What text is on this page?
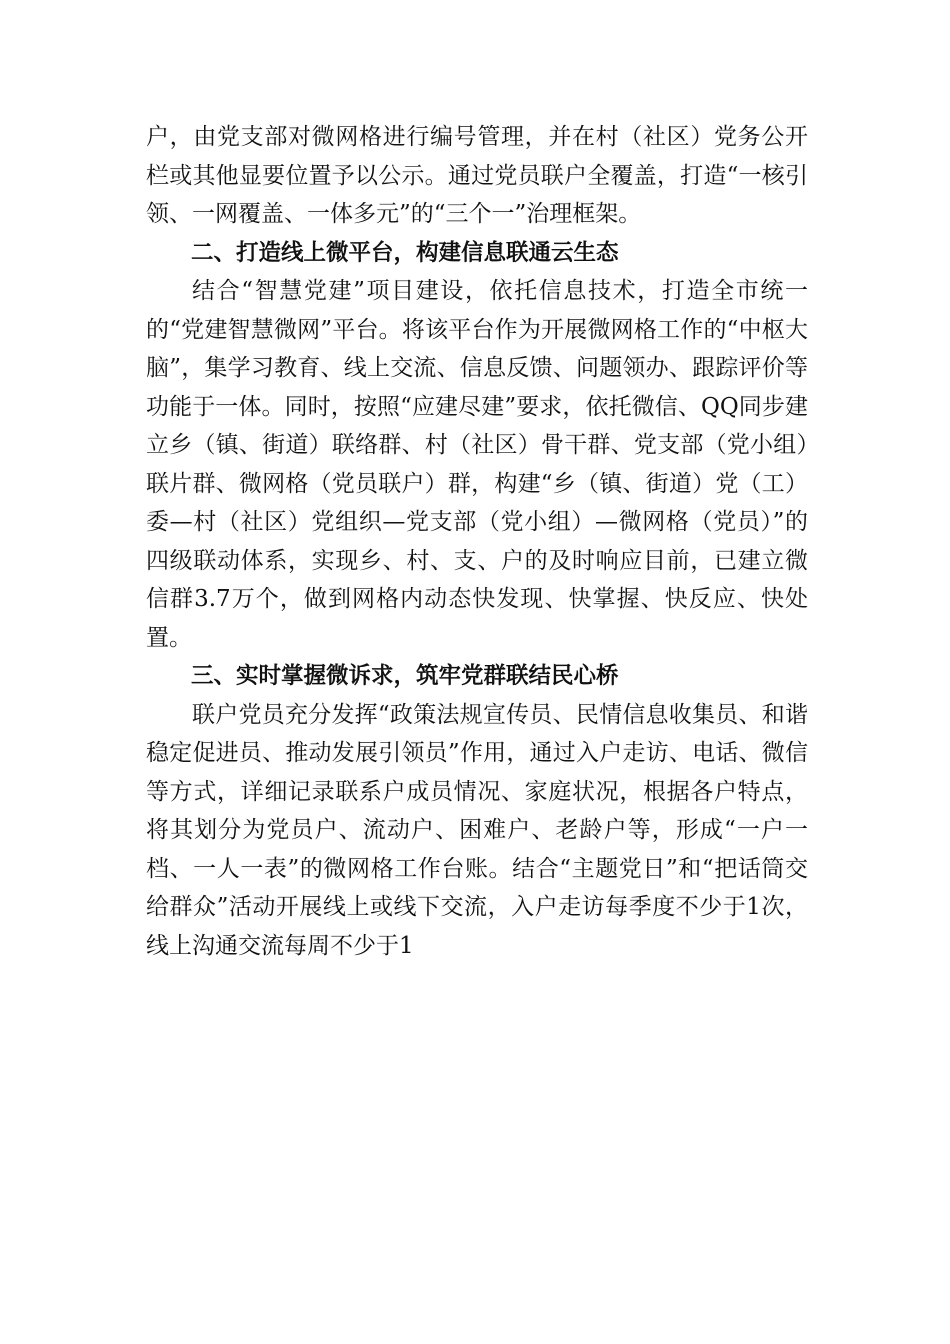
户，由党支部对微网格进行编号管理，并在村（社区）党务公开栏或其他显要位置予以公示。通过党员联户全覆盖，打造“一核引领、一网覆盖、一体多元”的“三个一”治理框架。

二、打造线上微平台，构建信息联通云生态

结合“智慧党建”项目建设，依托信息技术，打造全市统一的“党建智慧微网”平台。将该平台作为开展微网格工作的“中枢大脑”，集学习教育、线上交流、信息反馈、问题领办、跟踪评价等功能于一体。同时，按照“应建尽建”要求，依托微信、QQ同步建立乡（镇、街道）联络群、村（社区）骨干群、党支部（党小组）联片群、微网格（党员联户）群，构建“乡（镇、街道）党（工）委—村（社区）党组织—党支部（党小组）—微网格（党员）”的四级联动体系，实现乡、村、支、户的及时响应目前，已建立微信群3.7万个，做到网格内动态快发现、快掌握、快反应、快处置。

三、实时掌握微诉求，筑牢党群联结民心桥

联户党员充分发挥“政策法规宣传员、民情信息收集员、和谐稳定促进员、推动发展引领员”作用，通过入户走访、电话、微信等方式，详细记录联系户成员情况、家庭状况，根据各户特点，将其划分为党员户、流动户、困难户、老龄户等，形成“一户一档、一人一表”的微网格工作台账。结合“主题党日”和“把话筒交给群众”活动开展线上或线下交流，入户走访每季度不少于1次，线上沟通交流每周不少于1
